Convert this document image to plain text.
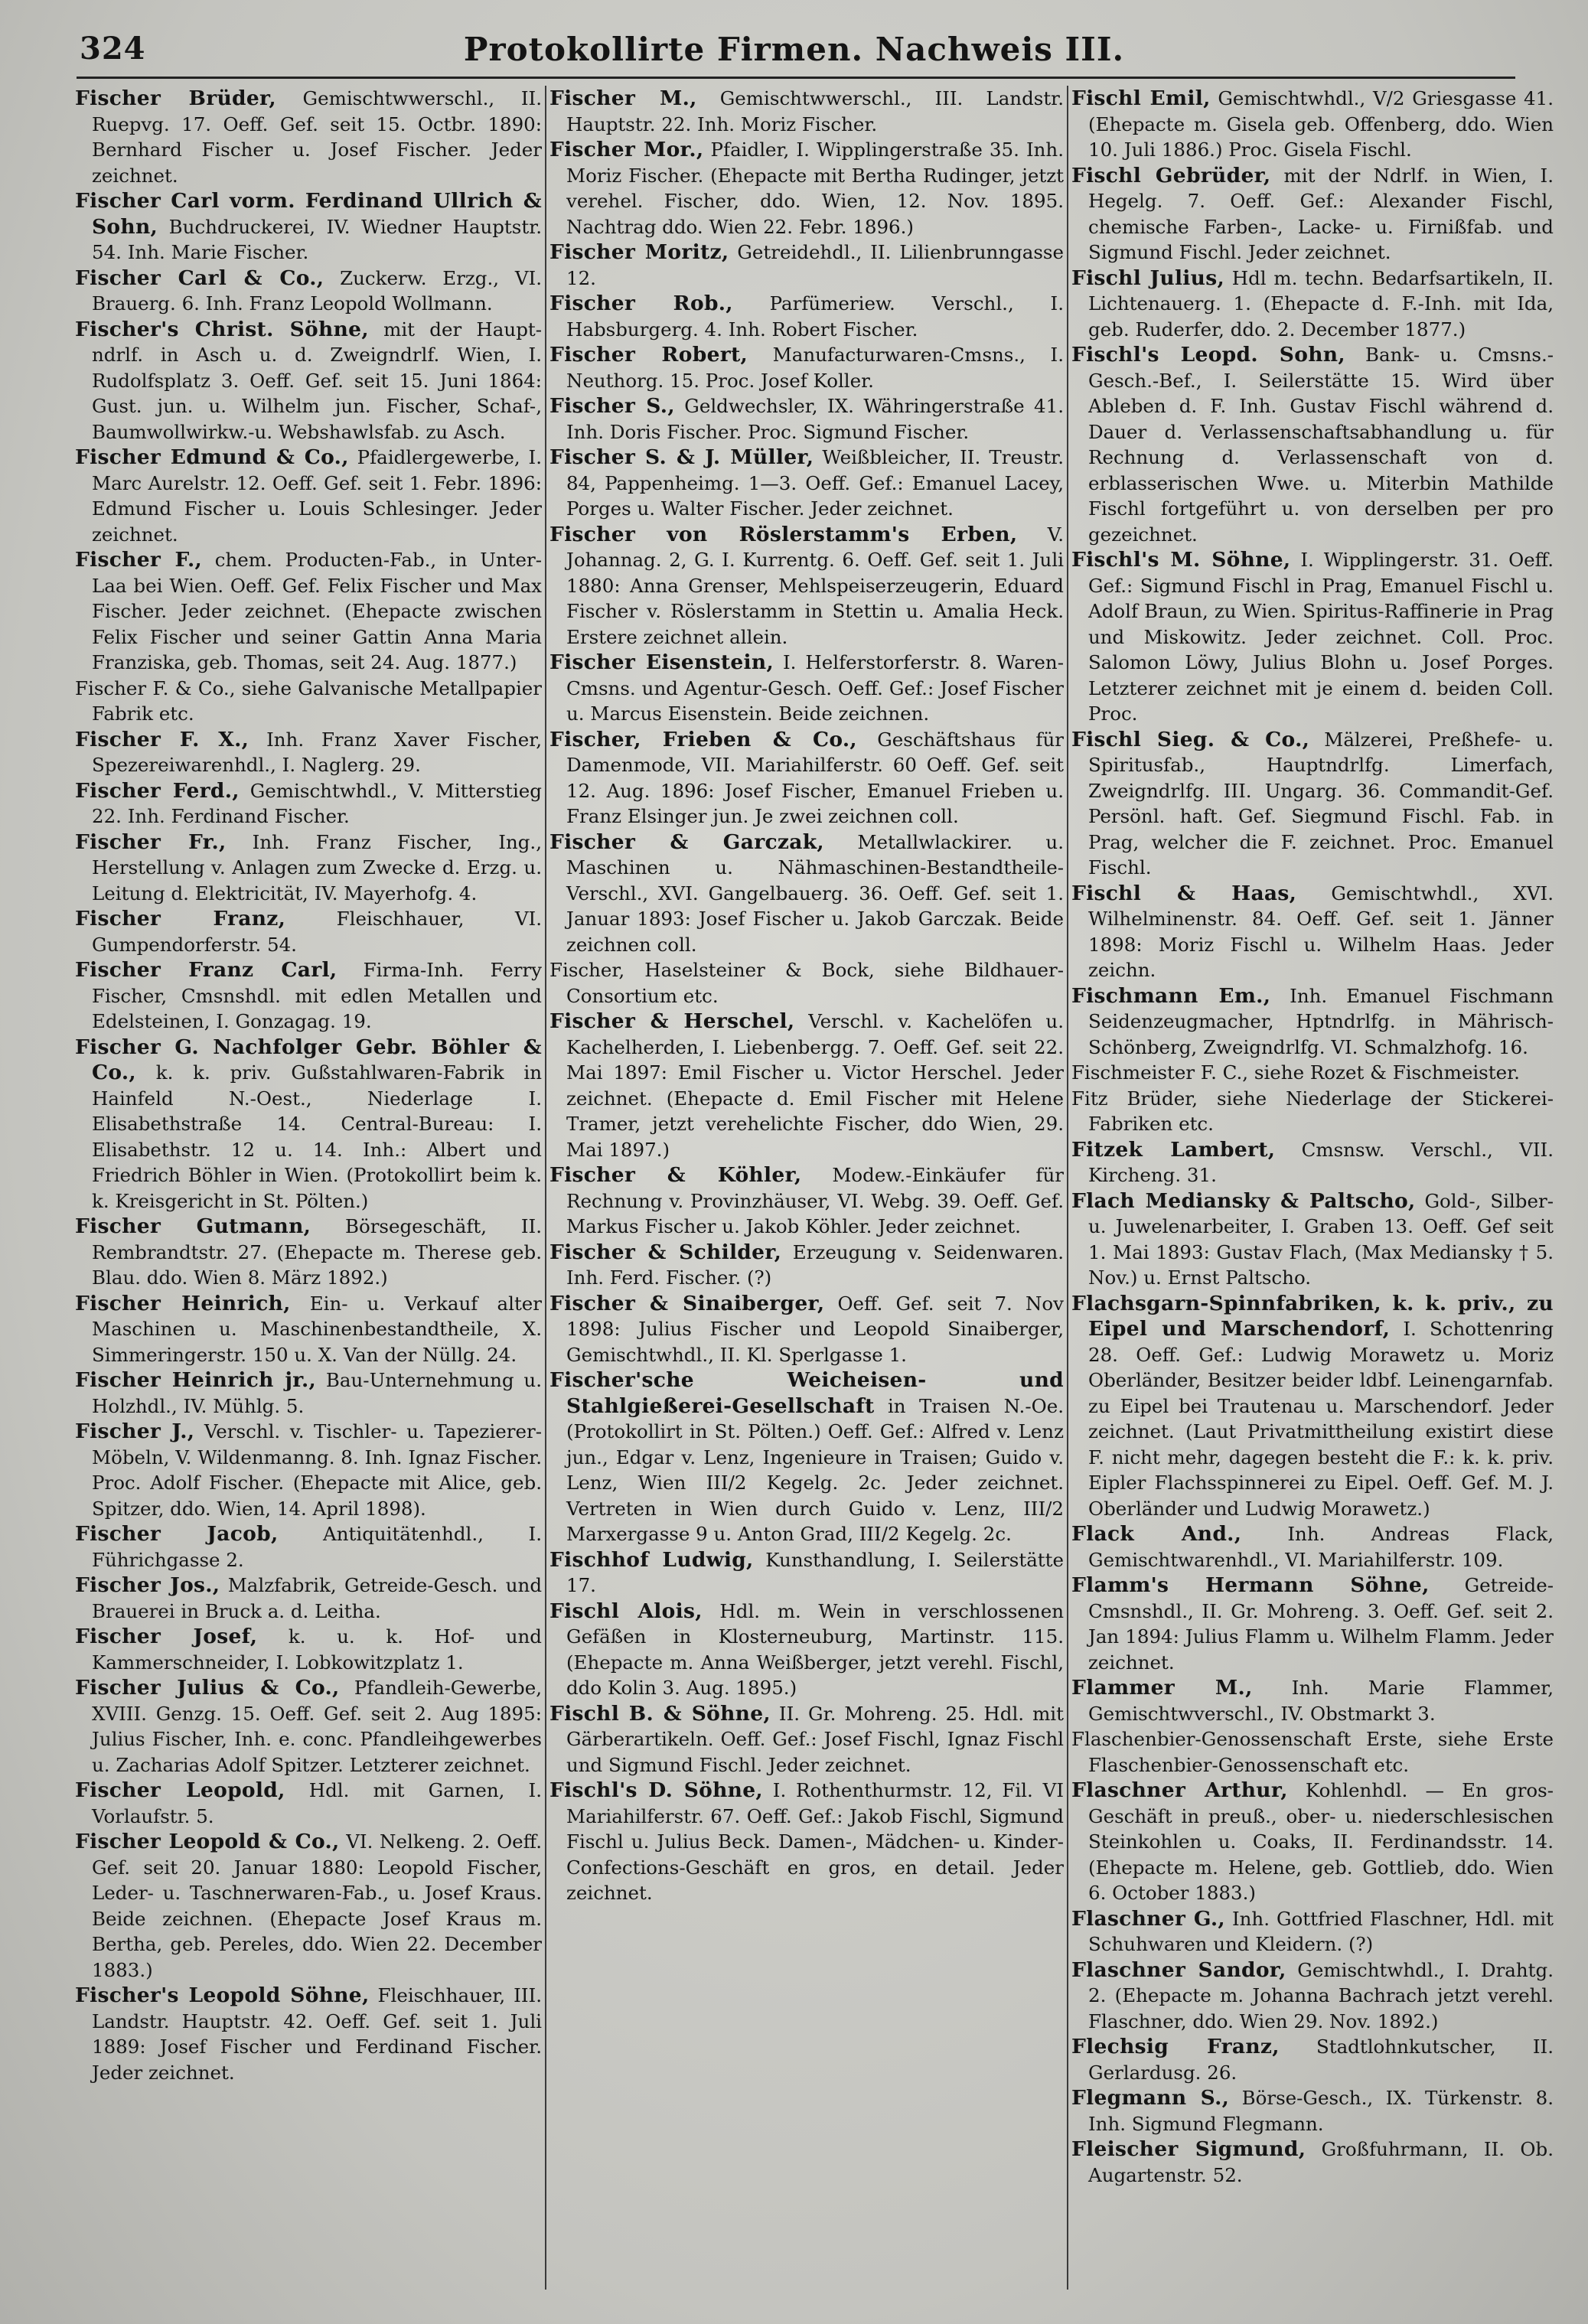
324	Protokollirte Firmen. Nachweis III.
Fischer Brüder, Gemischtwwerschl., II. Ruepvg. 17. Oeff. Gef. seit 15. Octbr. 1890: Bernhard Fischer u. Josef Fischer. Jeder zeichnet.
Fischer Carl vorm. Ferdinand Ullrich & Sohn, Buchdruckerei, IV. Wiedner Hauptstr. 54. Inh. Marie Fischer.
Fischer Carl & Co., Zuckerw. Erzg., VI. Brauerg. 6. Inh. Franz Leopold Wollmann.
Fischer's Christ. Söhne, mit der Haupt-ndrlf. in Asch u. d. Zweigndrlf. Wien, I. Rudolfsplatz 3. Oeff. Gef. seit 15. Juni 1864: Gust. jun. u. Wilhelm jun. Fischer, Schaf-, Baumwollwirkw.-u. Webshawlsfab. zu Asch.
Fischer Edmund & Co., Pfaidlergewerbe, I. Marc Aurelstr. 12. Oeff. Gef. seit 1. Febr. 1896: Edmund Fischer u. Louis Schlesinger. Jeder zeichnet.
Fischer F., chem. Producten-Fab., in Unter-Laa bei Wien. Oeff. Gef. Felix Fischer und Max Fischer. Jeder zeichnet. (Ehepacte zwischen Felix Fischer und seiner Gattin Anna Maria Franziska, geb. Thomas, seit 24. Aug. 1877.)
Fischer F. & Co., siehe Galvanische Metallpapier Fabrik etc.
Fischer F. X., Inh. Franz Xaver Fischer, Spezereiwarenhdl., I. Naglerg. 29.
Fischer Ferd., Gemischtwhdl., V. Mitterstieg 22. Inh. Ferdinand Fischer.
Fischer Fr., Inh. Franz Fischer, Ing., Herstellung v. Anlagen zum Zwecke d. Erzg. u. Leitung d. Elektricität, IV. Mayerhofg. 4.
Fischer Franz, Fleischhauer, VI. Gumpendorferstr. 54.
Fischer Franz Carl, Firma-Inh. Ferry Fischer, Cmsnshdl. mit edlen Metallen und Edelsteinen, I. Gonzagag. 19.
Fischer G. Nachfolger Gebr. Böhler & Co., k. k. priv. Gußstahlwaren-Fabrik in Hainfeld N.-Oest., Niederlage I. Elisabethstraße 14. Central-Bureau: I. Elisabethstr. 12 u. 14. Inh.: Albert und Friedrich Böhler in Wien. (Protokollirt beim k. k. Kreisgericht in St. Pölten.)
Fischer Gutmann, Börsegeschäft, II. Rembrandtstr. 27. (Ehepacte m. Therese geb. Blau. ddo. Wien 8. März 1892.)
Fischer Heinrich, Ein- u. Verkauf alter Maschinen u. Maschinenbestandtheile, X. Simmeringerstr. 150 u. X. Van der Nüllg. 24.
Fischer Heinrich jr., Bau-Unternehmung u. Holzhdl., IV. Mühlg. 5.
Fischer J., Verschl. v. Tischler- u. Tapezierer-Möbeln, V. Wildenmanng. 8. Inh. Ignaz Fischer. Proc. Adolf Fischer. (Ehepacte mit Alice, geb. Spitzer, ddo. Wien, 14. April 1898).
Fischer Jacob, Antiquitätenhdl., I. Führichgasse 2.
Fischer Jos., Malzfabrik, Getreide-Gesch. und Brauerei in Bruck a. d. Leitha.
Fischer Josef, k. u. k. Hof- und Kammerschneider, I. Lobkowitzplatz 1.
Fischer Julius & Co., Pfandleih-Gewerbe, XVIII. Genzg. 15. Oeff. Gef. seit 2. Aug 1895: Julius Fischer, Inh. e. conc. Pfandleihgewerbes u. Zacharias Adolf Spitzer. Letzterer zeichnet.
Fischer Leopold, Hdl. mit Garnen, I. Vorlaufstr. 5.
Fischer Leopold & Co., VI. Nelkeng. 2. Oeff. Gef. seit 20. Januar 1880: Leopold Fischer, Leder- u. Taschnerwaren-Fab., u. Josef Kraus. Beide zeichnen. (Ehepacte Josef Kraus m. Bertha, geb. Pereles, ddo. Wien 22. December 1883.)
Fischer's Leopold Söhne, Fleischhauer, III. Landstr. Hauptstr. 42. Oeff. Gef. seit 1. Juli 1889: Josef Fischer und Ferdinand Fischer. Jeder zeichnet.
Fischer M., Gemischtwwerschl., III. Landstr. Hauptstr. 22. Inh. Moriz Fischer.
Fischer Mor., Pfaidler, I. Wipplingerstraße 35. Inh. Moriz Fischer. (Ehepacte mit Bertha Rudinger, jetzt verehel. Fischer, ddo. Wien, 12. Nov. 1895. Nachtrag ddo. Wien 22. Febr. 1896.)
Fischer Moritz, Getreidehdl., II. Lilienbrunngasse 12.
Fischer Rob., Parfümeriew. Verschl., I. Habsburgerg. 4. Inh. Robert Fischer.
Fischer Robert, Manufacturwaren-Cmsns., I. Neuthorg. 15. Proc. Josef Koller.
Fischer S., Geldwechsler, IX. Währingerstraße 41. Inh. Doris Fischer. Proc. Sigmund Fischer.
Fischer S. & J. Müller, Weißbleicher, II. Treustr. 84, Pappenheimg. 1—3. Oeff. Gef.: Emanuel Lacey, Porges u. Walter Fischer. Jeder zeichnet.
Fischer von Röslerstamm's Erben, V. Johannag. 2, G. I. Kurrentg. 6. Oeff. Gef. seit 1. Juli 1880: Anna Grenser, Mehlspeiserzeugerin, Eduard Fischer v. Röslerstamm in Stettin u. Amalia Heck. Erstere zeichnet allein.
Fischer Eisenstein, I. Helferstorferstr. 8. Waren-Cmsns. und Agentur-Gesch. Oeff. Gef.: Josef Fischer u. Marcus Eisenstein. Beide zeichnen.
Fischer, Frieben & Co., Geschäftshaus für Damenmode, VII. Mariahilferstr. 60 Oeff. Gef. seit 12. Aug. 1896: Josef Fischer, Emanuel Frieben u. Franz Elsinger jun. Je zwei zeichnen coll.
Fischer & Garczak, Metallwlackirer. u. Maschinen u. Nähmaschinen-Bestandtheile-Verschl., XVI. Gangelbauerg. 36. Oeff. Gef. seit 1. Januar 1893: Josef Fischer u. Jakob Garczak. Beide zeichnen coll.
Fischer, Haselsteiner & Bock, siehe Bildhauer-Consortium etc.
Fischer & Herschel, Verschl. v. Kachelöfen u. Kachelherden, I. Liebenbergg. 7. Oeff. Gef. seit 22. Mai 1897: Emil Fischer u. Victor Herschel. Jeder zeichnet. (Ehepacte d. Emil Fischer mit Helene Tramer, jetzt verehelichte Fischer, ddo Wien, 29. Mai 1897.)
Fischer & Köhler, Modew.-Einkäufer für Rechnung v. Provinzhäuser, VI. Webg. 39. Oeff. Gef. Markus Fischer u. Jakob Köhler. Jeder zeichnet.
Fischer & Schilder, Erzeugung v. Seidenwaren. Inh. Ferd. Fischer. (?)
Fischer & Sinaiberger, Oeff. Gef. seit 7. Nov 1898: Julius Fischer und Leopold Sinaiberger, Gemischtwhdl., II. Kl. Sperlgasse 1.
Fischer'sche Weicheisen- und Stahlgießerei-Gesellschaft in Traisen N.-Oe. (Protokollirt in St. Pölten.) Oeff. Gef.: Alfred v. Lenz jun., Edgar v. Lenz, Ingenieure in Traisen; Guido v. Lenz, Wien III/2 Kegelg. 2c. Jeder zeichnet. Vertreten in Wien durch Guido v. Lenz, III/2 Marxergasse 9 u. Anton Grad, III/2 Kegelg. 2c.
Fischhof Ludwig, Kunsthandlung, I. Seilerstätte 17.
Fischl Alois, Hdl. m. Wein in verschlossenen Gefäßen in Klosterneuburg, Martinstr. 115. (Ehepacte m. Anna Weißberger, jetzt verehl. Fischl, ddo Kolin 3. Aug. 1895.)
Fischl B. & Söhne, II. Gr. Mohreng. 25. Hdl. mit Gärberartikeln. Oeff. Gef.: Josef Fischl, Ignaz Fischl und Sigmund Fischl. Jeder zeichnet.
Fischl's D. Söhne, I. Rothenthurmstr. 12, Fil. VI Mariahilferstr. 67. Oeff. Gef.: Jakob Fischl, Sigmund Fischl u. Julius Beck. Damen-, Mädchen- u. Kinder-Confections-Geschäft en gros, en detail. Jeder zeichnet.
Fischl Emil, Gemischtwhdl., V/2 Griesgasse 41. (Ehepacte m. Gisela geb. Offenberg, ddo. Wien 10. Juli 1886.) Proc. Gisela Fischl.
Fischl Gebrüder, mit der Ndrlf. in Wien, I. Hegelg. 7. Oeff. Gef.: Alexander Fischl, chemische Farben-, Lacke- u. Firnißfab. und Sigmund Fischl. Jeder zeichnet.
Fischl Julius, Hdl m. techn. Bedarfsartikeln, II. Lichtenauerg. 1. (Ehepacte d. F.-Inh. mit Ida, geb. Ruderfer, ddo. 2. December 1877.)
Fischl's Leopd. Sohn, Bank- u. Cmsns.-Gesch.-Bef., I. Seilerstätte 15. Wird über Ableben d. F. Inh. Gustav Fischl während d. Dauer d. Verlassenschaftsabhandlung u. für Rechnung d. Verlassenschaft von d. erblasserischen Wwe. u. Miterbin Mathilde Fischl fortgeführt u. von derselben per pro gezeichnet.
Fischl's M. Söhne, I. Wipplingerstr. 31. Oeff. Gef.: Sigmund Fischl in Prag, Emanuel Fischl u. Adolf Braun, zu Wien. Spiritus-Raffinerie in Prag und Miskowitz. Jeder zeichnet. Coll. Proc. Salomon Löwy, Julius Blohn u. Josef Porges. Letzterer zeichnet mit je einem d. beiden Coll. Proc.
Fischl Sieg. & Co., Mälzerei, Preßhefe- u. Spiritusfab., Hauptndrlfg. Limerfach, Zweigndrlfg. III. Ungarg. 36. Commandit-Gef. Persönl. haft. Gef. Siegmund Fischl. Fab. in Prag, welcher die F. zeichnet. Proc. Emanuel Fischl.
Fischl & Haas, Gemischtwhdl., XVI. Wilhelminenstr. 84. Oeff. Gef. seit 1. Jänner 1898: Moriz Fischl u. Wilhelm Haas. Jeder zeichn.
Fischmann Em., Inh. Emanuel Fischmann Seidenzeugmacher, Hptndrlfg. in Mährisch-Schönberg, Zweigndrlfg. VI. Schmalzhofg. 16.
Fischmeister F. C., siehe Rozet & Fischmeister.
Fitz Brüder, siehe Niederlage der Stickerei-Fabriken etc.
Fitzek Lambert, Cmsnsw. Verschl., VII. Kircheng. 31.
Flach Mediansky & Paltscho, Gold-, Silber- u. Juwelenarbeiter, I. Graben 13. Oeff. Gef seit 1. Mai 1893: Gustav Flach, (Max Mediansky † 5. Nov.) u. Ernst Paltscho.
Flachsgarn-Spinnfabriken, k. k. priv., zu Eipel und Marschendorf, I. Schottenring 28. Oeff. Gef.: Ludwig Morawetz u. Moriz Oberländer, Besitzer beider ldbf. Leinengarnfab. zu Eipel bei Trautenau u. Marschendorf. Jeder zeichnet. (Laut Privatmittheilung existirt diese F. nicht mehr, dagegen besteht die F.: k. k. priv. Eipler Flachsspinnerei zu Eipel. Oeff. Gef. M. J. Oberländer und Ludwig Morawetz.)
Flack And., Inh. Andreas Flack, Gemischtwarenhdl., VI. Mariahilferstr. 109.
Flamm's Hermann Söhne, Getreide-Cmsnshdl., II. Gr. Mohreng. 3. Oeff. Gef. seit 2. Jan 1894: Julius Flamm u. Wilhelm Flamm. Jeder zeichnet.
Flammer M., Inh. Marie Flammer, Gemischtwverschl., IV. Obstmarkt 3.
Flaschenbier-Genossenschaft Erste, siehe Erste Flaschenbier-Genossenschaft etc.
Flaschner Arthur, Kohlenhdl. — En gros-Geschäft in preuß., ober- u. niederschlesischen Steinkohlen u. Coaks, II. Ferdinandsstr. 14. (Ehepacte m. Helene, geb. Gottlieb, ddo. Wien 6. October 1883.)
Flaschner G., Inh. Gottfried Flaschner, Hdl. mit Schuhwaren und Kleidern. (?)
Flaschner Sandor, Gemischtwhdl., I. Drahtg. 2. (Ehepacte m. Johanna Bachrach jetzt verehl. Flaschner, ddo. Wien 29. Nov. 1892.)
Flechsig Franz, Stadtlohnkutscher, II. Gerlardusg. 26.
Flegmann S., Börse-Gesch., IX. Türkenstr. 8. Inh. Sigmund Flegmann.
Fleischer Sigmund, Großfuhrmann, II. Ob. Augartenstr. 52.
